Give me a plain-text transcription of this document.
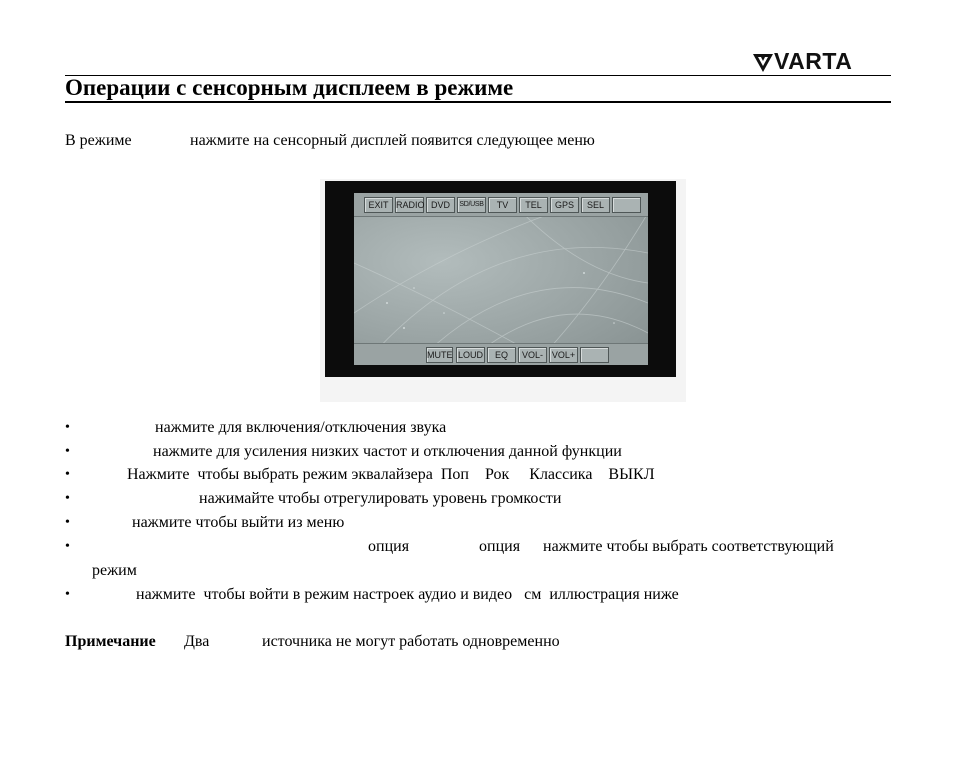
VARTA
Операции с сенсорным дисплеем в режиме
В режиме	нажмите на сенсорный дисплей появится следующее меню
EXIT RADIO DVD	SD/USB	TV	TEL	GPS	SEL
MUTE LOUD	EQ	VOL- VOL+
•	нажмите для включения/отключения звука
•	нажмите для усиления низких частот и отключения данной функции
•	Нажмите  чтобы выбрать режим эквалайзера  Поп    Рок     Классика    ВЫКЛ
•	нажимайте чтобы отрегулировать уровень громкости
•	нажмите чтобы выйти из меню
•	опция	опция нажмите чтобы выбрать соответствующий
режим
•	нажмите  чтобы войти в режим настроек аудио и видео   см  иллюстрация ниже
Примечание Два	источника не могут работать одновременно
